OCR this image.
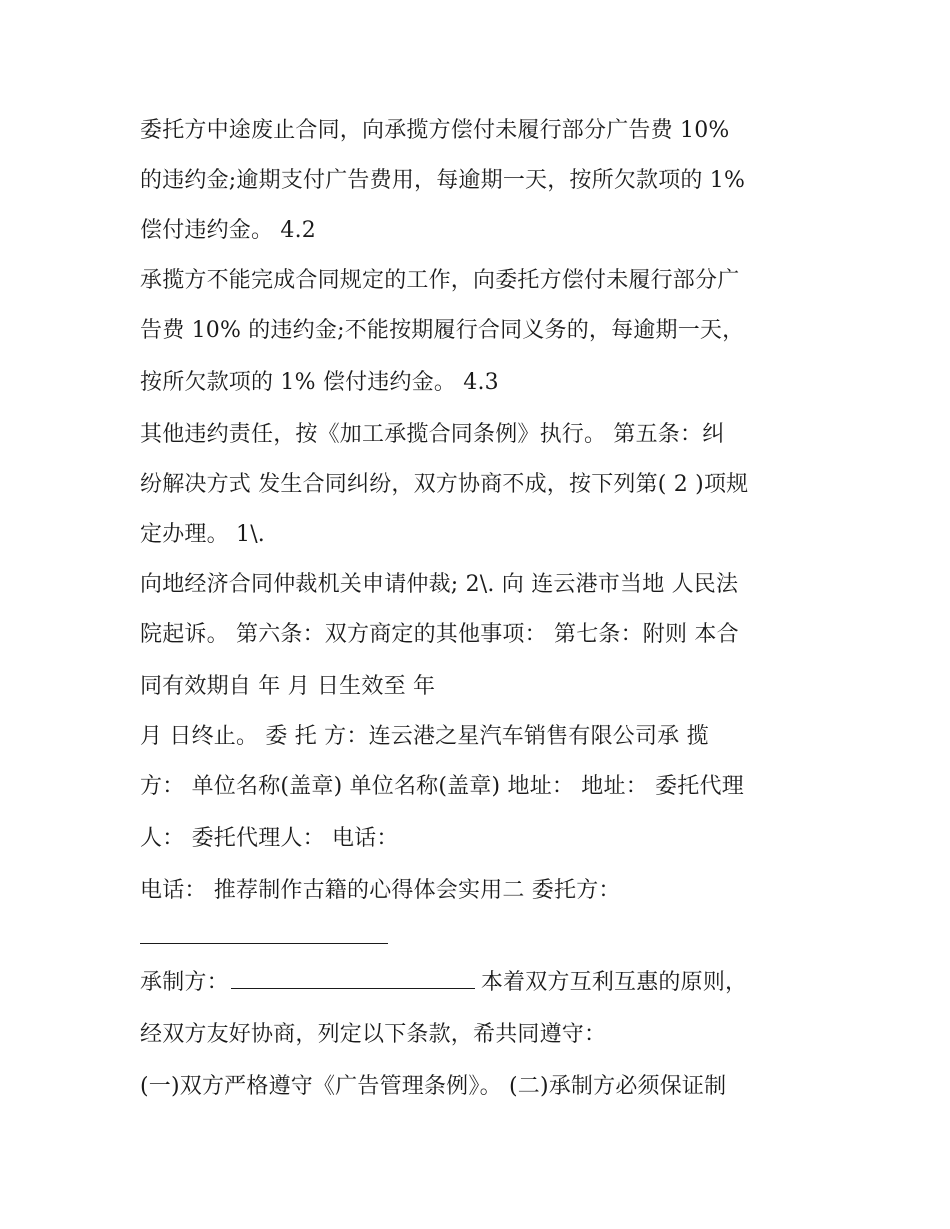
委托方中途废止合同，向承揽方偿付未履行部分广告费 10%
的违约金;逾期支付广告费用，每逾期一天，按所欠款项的 1%
偿付违约金。 4.2
承揽方不能完成合同规定的工作，向委托方偿付未履行部分广
告费 10% 的违约金;不能按期履行合同义务的，每逾期一天，
按所欠款项的 1% 偿付违约金。 4.3
其他违约责任，按《加工承揽合同条例》执行。 第五条：纠
纷解决方式 发生合同纠纷，双方协商不成，按下列第( 2 )项规
定办理。 1\.
向地经济合同仲裁机关申请仲裁; 2\. 向 连云港市当地 人民法
院起诉。 第六条：双方商定的其他事项： 第七条：附则 本合
同有效期自 年 月 日生效至 年
月 日终止。 委 托 方：连云港之星汽车销售有限公司承 揽
方： 单位名称(盖章) 单位名称(盖章) 地址： 地址： 委托代理
人： 委托代理人： 电话：
电话： 推荐制作古籍的心得体会实用二 委托方：
承制方：	本着双方互利互惠的原则，
经双方友好协商，列定以下条款，希共同遵守：
(一)双方严格遵守《广告管理条例》。 (二)承制方必须保证制
